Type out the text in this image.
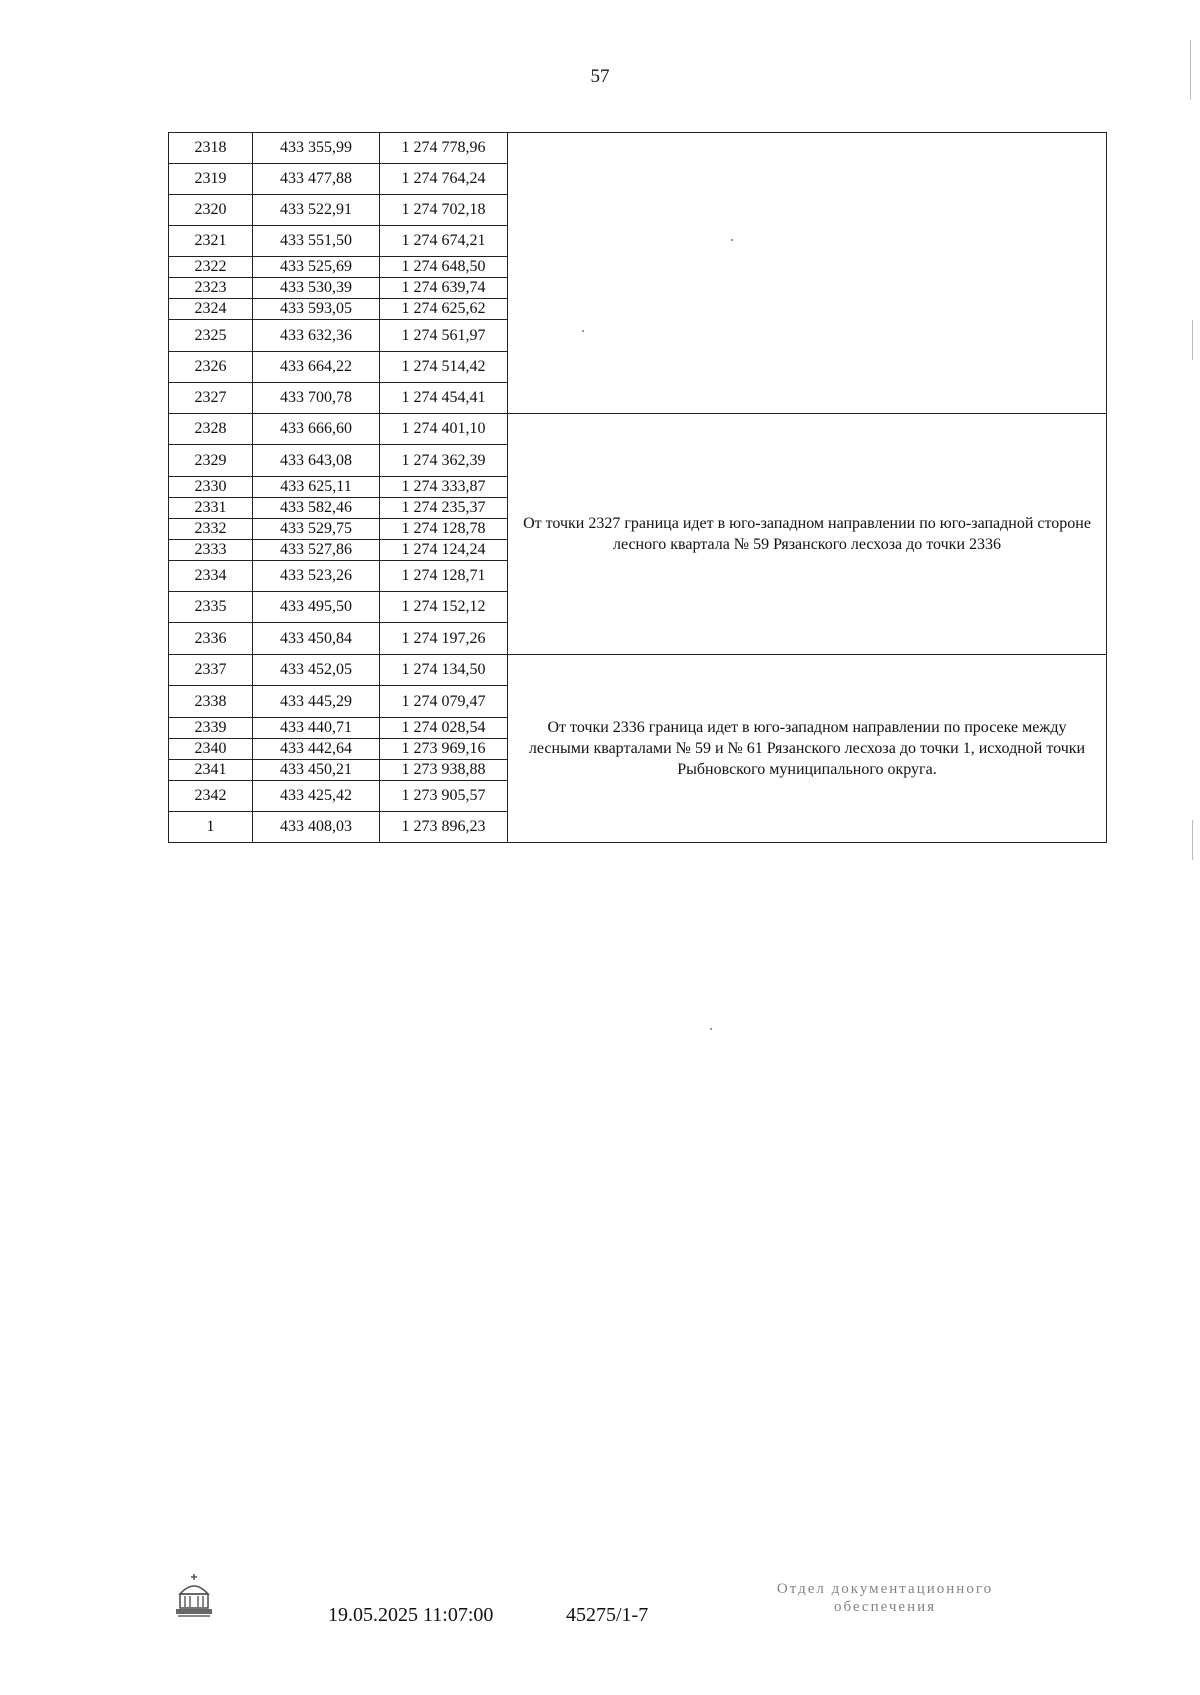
57
2318	433 355,99	1 274 778,96	
2319	433 477,88	1 274 764,24	
2320	433 522,91	1 274 702,18	
2321	433 551,50	1 274 674,21	
2322	433 525,69	1 274 648,50	
2323	433 530,39	1 274 639,74	
2324	433 593,05	1 274 625,62	
2325	433 632,36	1 274 561,97	
2326	433 664,22	1 274 514,42	
2327	433 700,78	1 274 454,41	
2328	433 666,60	1 274 401,10	От точки 2327 граница идет в юго-западном направлении по юго-западной стороне лесного квартала № 59 Рязанского лесхоза до точки 2336
2329	433 643,08	1 274 362,39	
2330	433 625,11	1 274 333,87	
2331	433 582,46	1 274 235,37	
2332	433 529,75	1 274 128,78	
2333	433 527,86	1 274 124,24	
2334	433 523,26	1 274 128,71	
2335	433 495,50	1 274 152,12	
2336	433 450,84	1 274 197,26	
2337	433 452,05	1 274 134,50	От точки 2336 граница идет в юго-западном направлении по просеке между лесными кварталами № 59 и № 61 Рязанского лесхоза до точки 1, исходной точки Рыбновского муниципального округа.
2338	433 445,29	1 274 079,47	
2339	433 440,71	1 274 028,54	
2340	433 442,64	1 273 969,16	
2341	433 450,21	1 273 938,88	
2342	433 425,42	1 273 905,57	
1	433 408,03	1 273 896,23	
19.05.2025 11:07:00	45275/1-7
Отдел документационного
обеспечения
